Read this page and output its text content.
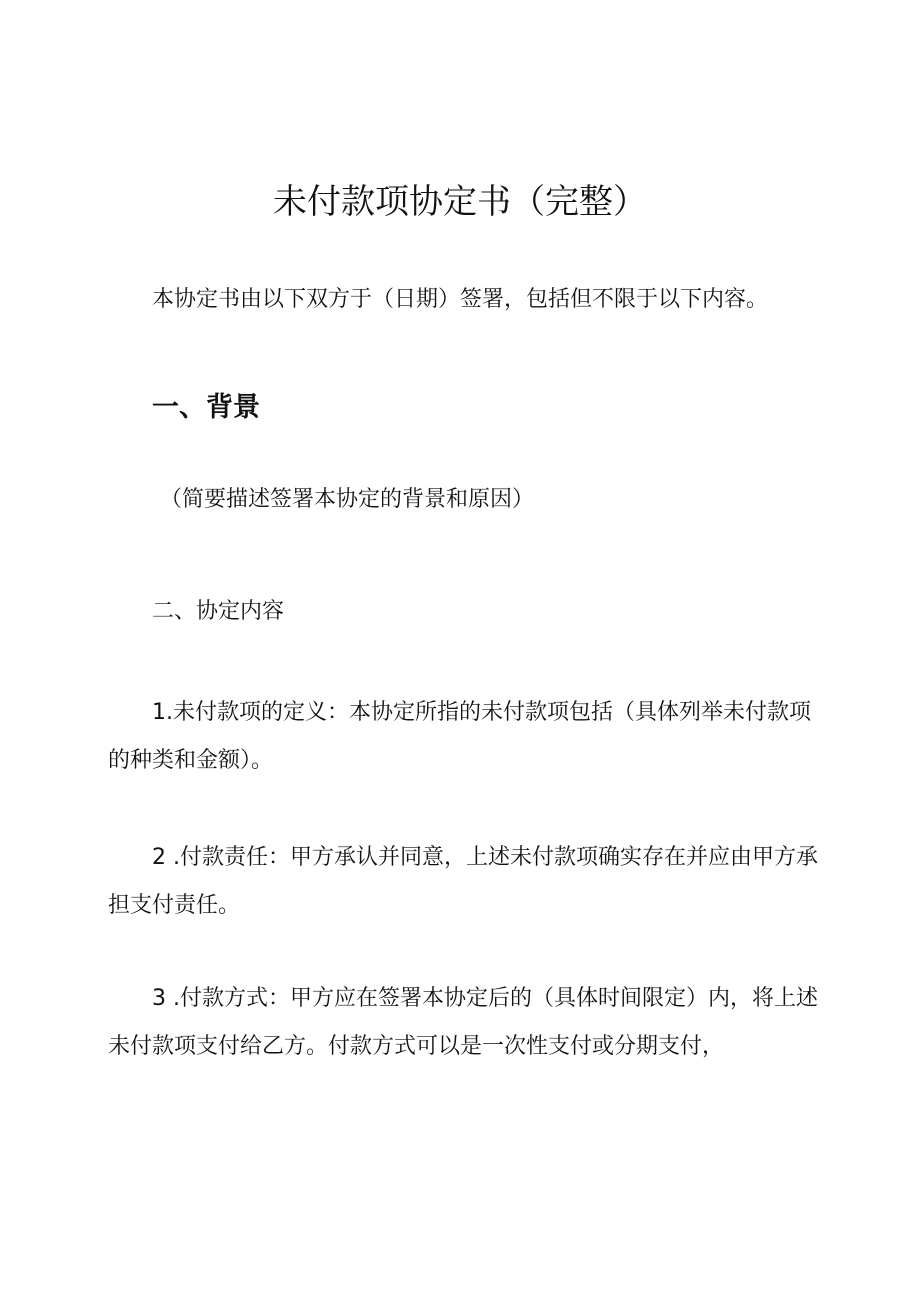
未付款项协定书（完整）

本协定书由以下双方于（日期）签署，包括但不限于以下内容。

一、背景

（简要描述签署本协定的背景和原因）

二、协定内容

1.未付款项的定义：本协定所指的未付款项包括（具体列举未付款项的种类和金额）。

2 .付款责任：甲方承认并同意，上述未付款项确实存在并应由甲方承担支付责任。

3 .付款方式：甲方应在签署本协定后的（具体时间限定）内，将上述未付款项支付给乙方。付款方式可以是一次性支付或分期支付，
